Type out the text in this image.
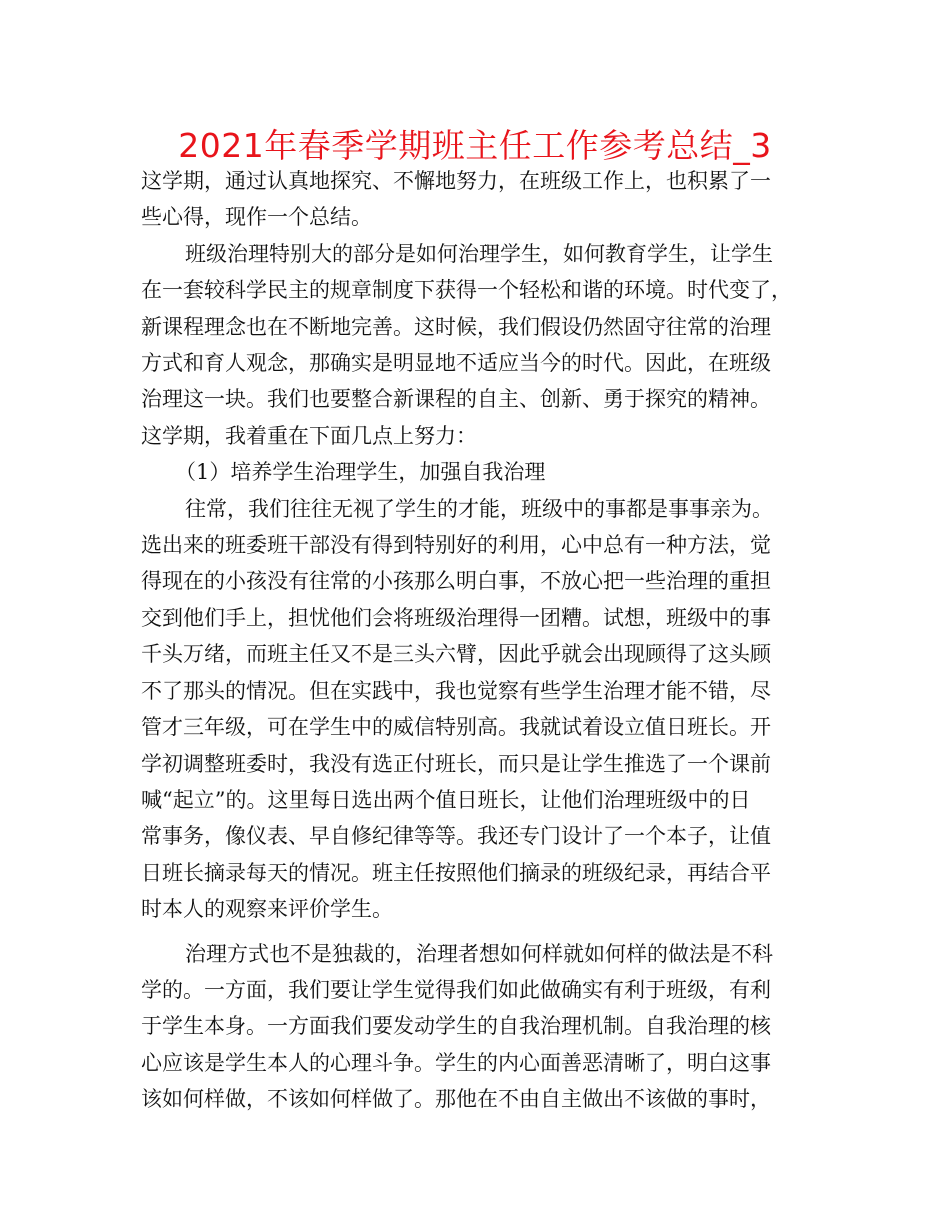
2021年春季学期班主任工作参考总结_3
这学期，通过认真地探究、不懈地努力，在班级工作上，也积累了一
些心得，现作一个总结。
班级治理特别大的部分是如何治理学生，如何教育学生，让学生
在一套较科学民主的规章制度下获得一个轻松和谐的环境。时代变了，
新课程理念也在不断地完善。这时候，我们假设仍然固守往常的治理
方式和育人观念，那确实是明显地不适应当今的时代。因此，在班级
治理这一块。我们也要整合新课程的自主、创新、勇于探究的精神。
这学期，我着重在下面几点上努力：
（1）培养学生治理学生，加强自我治理
往常，我们往往无视了学生的才能，班级中的事都是事事亲为。
选出来的班委班干部没有得到特别好的利用，心中总有一种方法，觉
得现在的小孩没有往常的小孩那么明白事，不放心把一些治理的重担
交到他们手上，担忧他们会将班级治理得一团糟。试想，班级中的事
千头万绪，而班主任又不是三头六臂，因此乎就会出现顾得了这头顾
不了那头的情况。但在实践中，我也觉察有些学生治理才能不错，尽
管才三年级，可在学生中的威信特别高。我就试着设立值日班长。开
学初调整班委时，我没有选正付班长，而只是让学生推选了一个课前
喊“起立”的。这里每日选出两个值日班长，让他们治理班级中的日
常事务，像仪表、早自修纪律等等。我还专门设计了一个本子，让值
日班长摘录每天的情况。班主任按照他们摘录的班级纪录，再结合平
时本人的观察来评价学生。
治理方式也不是独裁的，治理者想如何样就如何样的做法是不科
学的。一方面，我们要让学生觉得我们如此做确实有利于班级，有利
于学生本身。一方面我们要发动学生的自我治理机制。自我治理的核
心应该是学生本人的心理斗争。学生的内心面善恶清晰了，明白这事
该如何样做，不该如何样做了。那他在不由自主做出不该做的事时，
